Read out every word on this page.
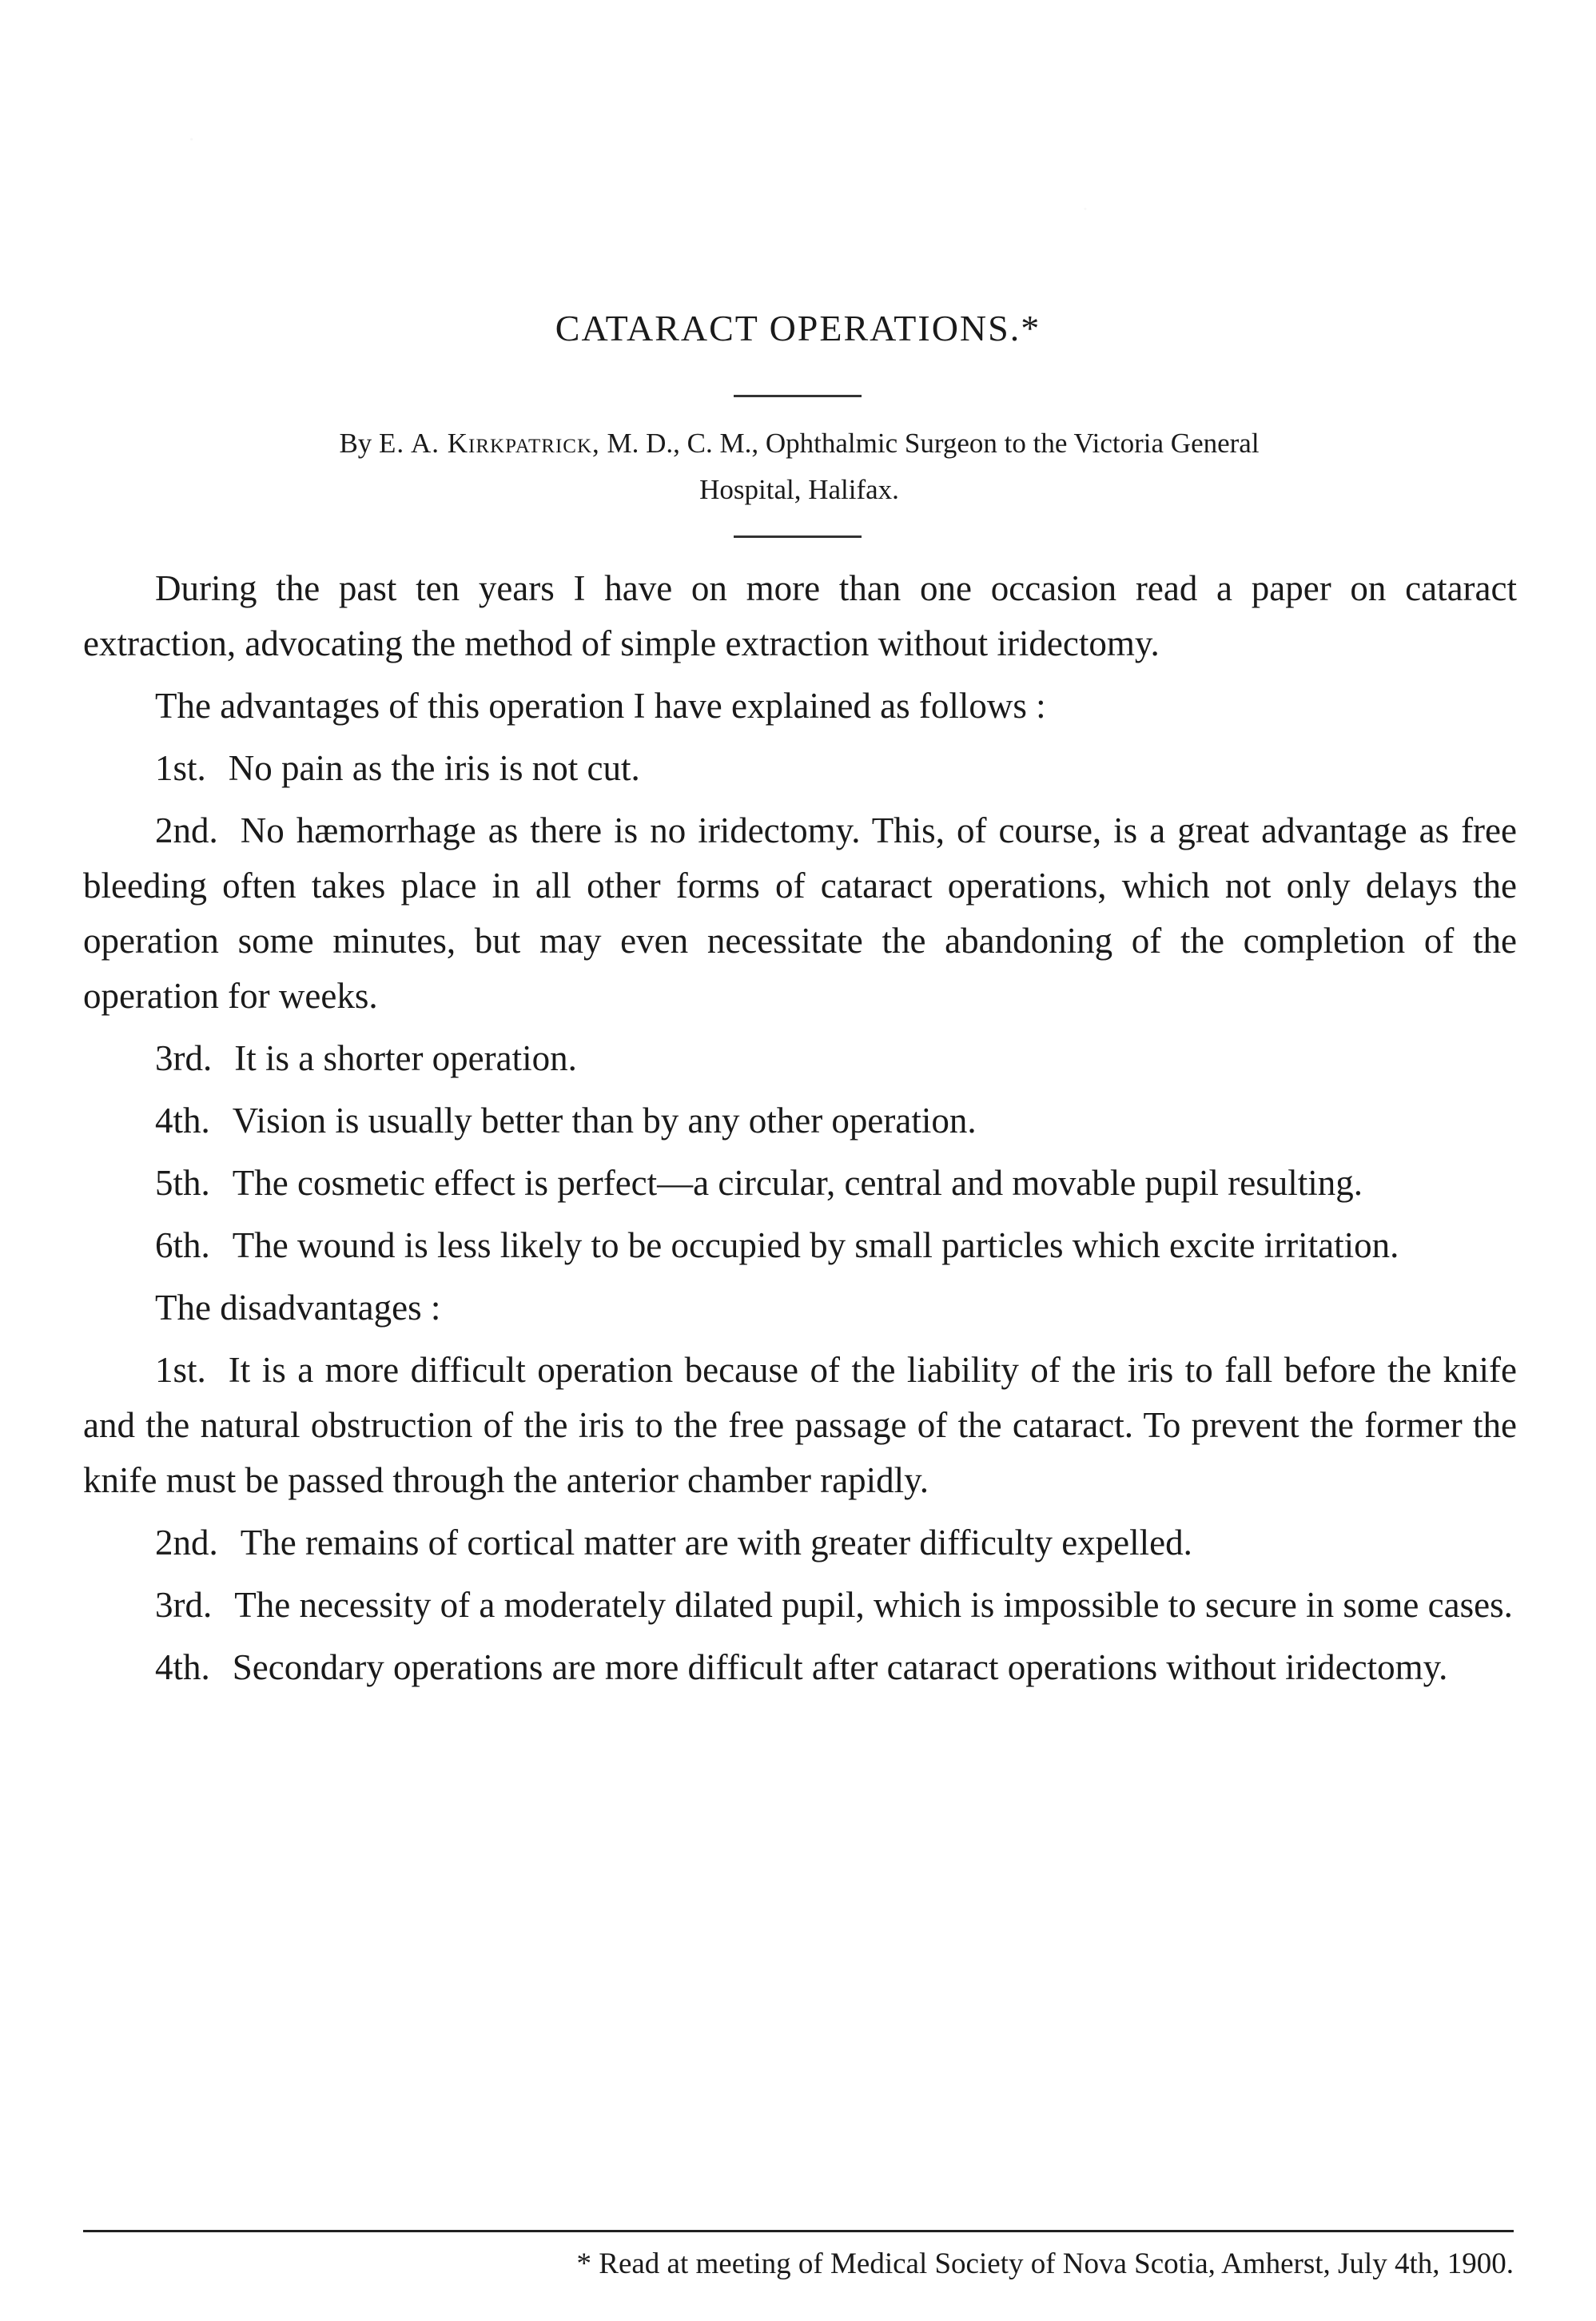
CATARACT OPERATIONS.*
By E. A. Kirkpatrick, M. D., C. M., Ophthalmic Surgeon to the Victoria General
Hospital, Halifax.

During the past ten years I have on more than one occasion read a paper on cataract extraction, advocating the method of simple extraction without iridectomy.

The advantages of this operation I have explained as follows :

1st. No pain as the iris is not cut.

2nd. No hæmorrhage as there is no iridectomy. This, of course, is a great advantage as free bleeding often takes place in all other forms of cataract operations, which not only delays the operation some minutes, but may even necessitate the abandoning of the completion of the operation for weeks.

3rd. It is a shorter operation.

4th. Vision is usually better than by any other operation.

5th. The cosmetic effect is perfect—a circular, central and movable pupil resulting.

6th. The wound is less likely to be occupied by small particles which excite irritation.

The disadvantages :

1st. It is a more difficult operation because of the liability of the iris to fall before the knife and the natural obstruction of the iris to the free passage of the cataract. To prevent the former the knife must be passed through the anterior chamber rapidly.

2nd. The remains of cortical matter are with greater difficulty expelled.

3rd. The necessity of a moderately dilated pupil, which is impossible to secure in some cases.

4th. Secondary operations are more difficult after cataract operations without iridectomy.

* Read at meeting of Medical Society of Nova Scotia, Amherst, July 4th, 1900.
